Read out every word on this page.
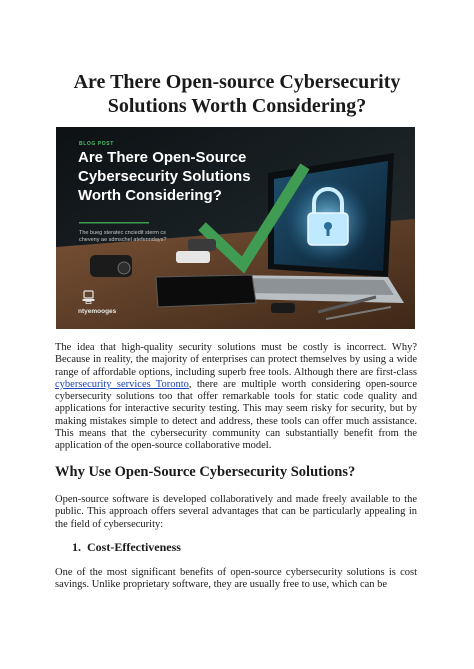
Are There Open-source Cybersecurity Solutions Worth Considering?
BLOG POST
Are There Open-Source Cybersecurity Solutions Worth Considering?
The bueg steratec cnciedit sterm cs cheveny ae sdmschel atefenndays?
ntyemooges

The idea that high-quality security solutions must be costly is incorrect. Why? Because in reality, the majority of enterprises can protect themselves by using a wide range of affordable options, including superb free tools. Although there are first-class cybersecurity services Toronto, there are multiple worth considering open-source cybersecurity solutions too that offer remarkable tools for static code quality and applications for interactive security testing. This may seem risky for security, but by making mistakes simple to detect and address, these tools can offer much assistance. This means that the cybersecurity community can substantially benefit from the application of the open-source collaborative model.

Why Use Open-Source Cybersecurity Solutions?

Open-source software is developed collaboratively and made freely available to the public. This approach offers several advantages that can be particularly appealing in the field of cybersecurity:

1. Cost-Effectiveness

One of the most significant benefits of open-source cybersecurity solutions is cost savings. Unlike proprietary software, they are usually free to use, which can be
